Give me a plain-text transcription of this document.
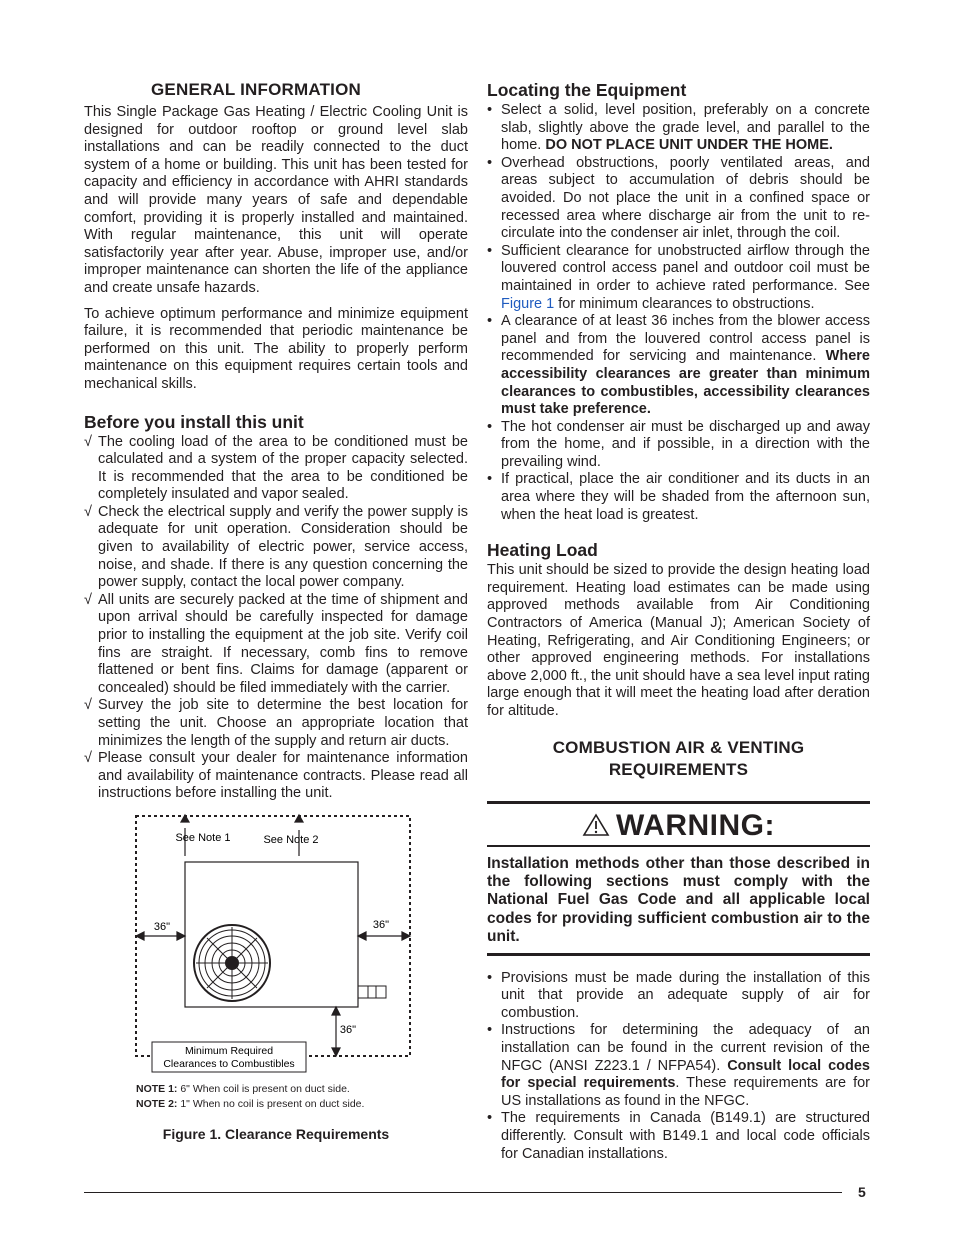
GENERAL INFORMATION

This Single Package Gas Heating / Electric Cooling Unit is designed for outdoor rooftop or ground level slab installations and can be readily connected to the duct system of a home or building. This unit has been tested for capacity and efficiency in accordance with AHRI standards and will provide many years of safe and dependable comfort, providing it is properly installed and maintained. With regular maintenance, this unit will operate satisfactorily year after year. Abuse, improper use, and/or improper maintenance can shorten the life of the appliance and create unsafe hazards.

To achieve optimum performance and minimize equipment failure, it is recommended that periodic maintenance be performed on this unit. The ability to properly perform maintenance on this equipment requires certain tools and mechanical skills.

Before you install this unit
√ The cooling load of the area to be conditioned must be calculated and a system of the proper capacity selected. It is recommended that the area to be conditioned be completely insulated and vapor sealed.
√ Check the electrical supply and verify the power supply is adequate for unit operation. Consideration should be given to availability of electric power, service access, noise, and shade. If there is any question concerning the power supply, contact the local power company.
√ All units are securely packed at the time of shipment and upon arrival should be carefully inspected for damage prior to installing the equipment at the job site. Verify coil fins are straight. If necessary, comb fins to remove flattened or bent fins. Claims for damage (apparent or concealed) should be filed immediately with the carrier.
√ Survey the job site to determine the best location for setting the unit. Choose an appropriate location that minimizes the length of the supply and return air ducts.
√ Please consult your dealer for maintenance information and availability of maintenance contracts. Please read all instructions before installing the unit.
See Note 1	See Note 2
36"	36"
36"
Minimum Required
Clearances to Combustibles
NOTE 1: 6" When coil is present on duct side.
NOTE 2: 1" When no coil is present on duct side.
Figure 1. Clearance Requirements
Locating the Equipment
• Select a solid, level position, preferably on a concrete slab, slightly above the grade level, and parallel to the home. DO NOT PLACE UNIT UNDER THE HOME.
• Overhead obstructions, poorly ventilated areas, and areas subject to accumulation of debris should be avoided. Do not place the unit in a confined space or recessed area where discharge air from the unit to re-circulate into the condenser air inlet, through the coil.
• Sufficient clearance for unobstructed airflow through the louvered control access panel and outdoor coil must be maintained in order to achieve rated performance. See Figure 1 for minimum clearances to obstructions.
• A clearance of at least 36 inches from the blower access panel and from the louvered control access panel is recommended for servicing and maintenance. Where accessibility clearances are greater than minimum clearances to combustibles, accessibility clearances must take preference.
• The hot condenser air must be discharged up and away from the home, and if possible, in a direction with the prevailing wind.
• If practical, place the air conditioner and its ducts in an area where they will be shaded from the afternoon sun, when the heat load is greatest.
Heating Load

This unit should be sized to provide the design heating load requirement. Heating load estimates can be made using approved methods available from Air Conditioning Contractors of America (Manual J); American Society of Heating, Refrigerating, and Air Conditioning Engineers; or other approved engineering methods. For installations above 2,000 ft., the unit should have a sea level input rating large enough that it will meet the heating load after deration for altitude.

COMBUSTION AIR & VENTING
REQUIREMENTS
WARNING:
Installation methods other than those described in the following sections must comply with the National Fuel Gas Code and all applicable local codes for providing sufficient combustion air to the unit.
• Provisions must be made during the installation of this unit that provide an adequate supply of air for combustion.
• Instructions for determining the adequacy of an installation can be found in the current revision of the NFGC (ANSI Z223.1 / NFPA54). Consult local codes for special requirements. These requirements are for US installations as found in the NFGC.
• The requirements in Canada (B149.1) are structured differently. Consult with B149.1 and local code officials for Canadian installations.
5
